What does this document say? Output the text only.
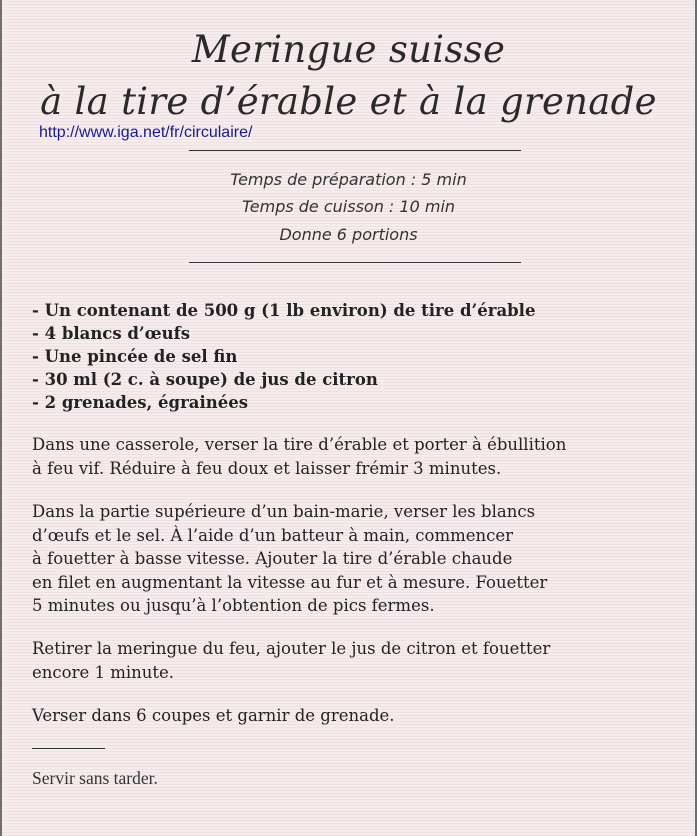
Meringue suisse
à la tire d’érable et à la grenade
http://www.iga.net/fr/circulaire/
Temps de préparation : 5 min
Temps de cuisson : 10 min
Donne 6 portions
- Un contenant de 500 g (1 lb environ) de tire d’érable
- 4 blancs d’œufs
- Une pincée de sel fin
- 30 ml (2 c. à soupe) de jus de citron
- 2 grenades, égrainées

Dans une casserole, verser la tire d’érable et porter à ébullition
à feu vif. Réduire à feu doux et laisser frémir 3 minutes.

Dans la partie supérieure d’un bain-marie, verser les blancs
d’œufs et le sel. À l’aide d’un batteur à main, commencer
à fouetter à basse vitesse. Ajouter la tire d’érable chaude
en filet en augmentant la vitesse au fur et à mesure. Fouetter
5 minutes ou jusqu’à l’obtention de pics fermes.

Retirer la meringue du feu, ajouter le jus de citron et fouetter
encore 1 minute.

Verser dans 6 coupes et garnir de grenade.

Servir sans tarder.
